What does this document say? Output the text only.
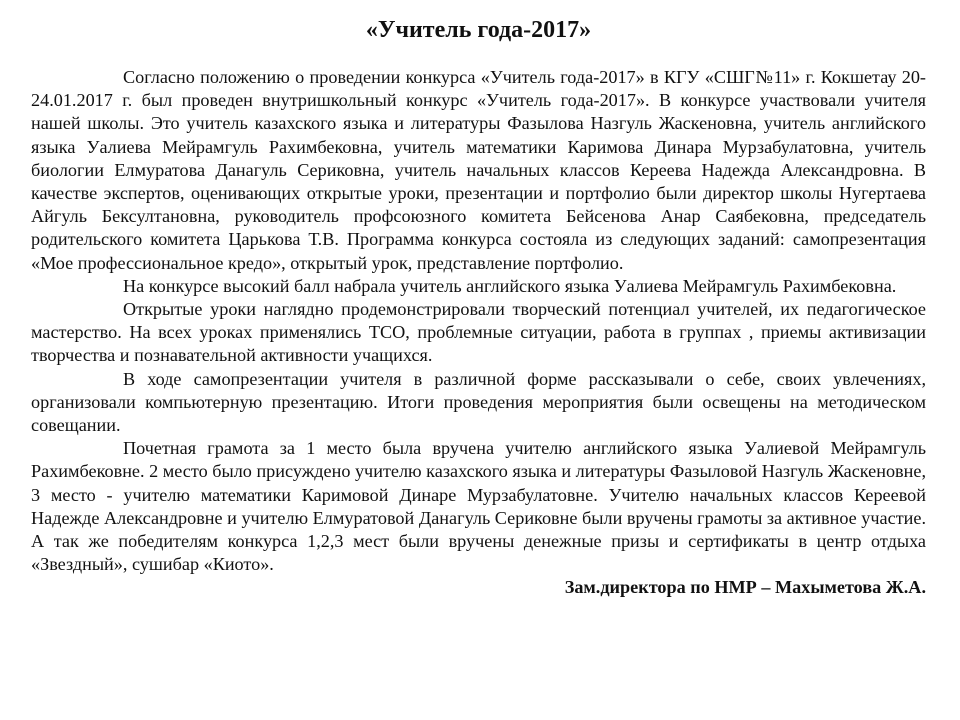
«Учитель года-2017»

Согласно положению о проведении конкурса «Учитель года-2017» в КГУ «СШГ№11» г. Кокшетау 20-24.01.2017 г. был проведен внутришкольный конкурс «Учитель года-2017». В конкурсе участвовали учителя нашей школы. Это учитель казахского языка и литературы Фазылова Назгуль Жаскеновна, учитель английского языка Уалиева Мейрамгуль Рахимбековна, учитель математики Каримова Динара Мурзабулатовна, учитель биологии Елмуратова Данагуль Сериковна, учитель начальных классов Кереева Надежда Александровна. В качестве экспертов, оценивающих открытые уроки, презентации и портфолио были директор школы Нугертаева Айгуль Бексултановна, руководитель профсоюзного комитета Бейсенова Анар Саябековна, председатель родительского комитета Царькова Т.В. Программа конкурса состояла из следующих заданий: самопрезентация «Мое профессиональное кредо», открытый урок, представление портфолио.

На конкурсе высокий балл набрала учитель английского языка Уалиева Мейрамгуль Рахимбековна.

Открытые уроки наглядно продемонстрировали творческий потенциал учителей, их педагогическое мастерство. На всех уроках применялись ТСО, проблемные ситуации, работа в группах , приемы активизации творчества и познавательной активности учащихся.

В ходе самопрезентации учителя в различной форме рассказывали о себе, своих увлечениях, организовали компьютерную презентацию. Итоги проведения мероприятия были освещены на методическом совещании.

Почетная грамота за 1 место была вручена учителю английского языка Уалиевой Мейрамгуль Рахимбековне. 2 место было присуждено учителю казахского языка и литературы Фазыловой Назгуль Жаскеновне, 3 место - учителю математики Каримовой Динаре Мурзабулатовне. Учителю начальных классов Кереевой Надежде Александровне и учителю Елмуратовой Данагуль Сериковне были вручены грамоты за активное участие. А так же победителям конкурса 1,2,3 мест были вручены денежные призы и сертификаты в центр отдыха «Звездный», сушибар «Киото».

Зам.директора по НМР – Махыметова Ж.А.
